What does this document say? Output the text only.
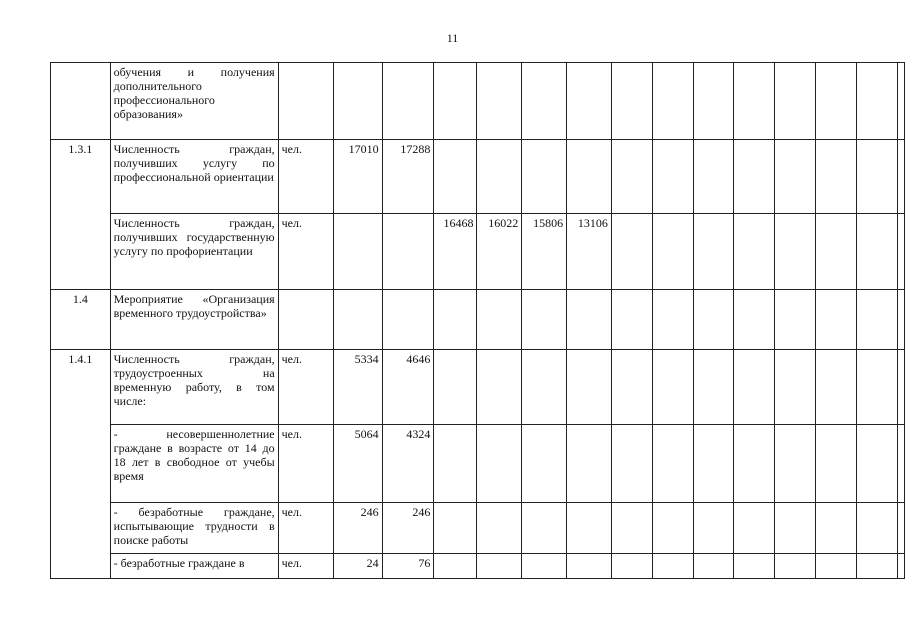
11
	обучения и получения дополнительного профессионального образования»															
1.3.1	Численность граждан, получивших услугу по профессиональной ориентации	чел.	17010	17288												
	Численность граждан, получивших государственную услугу по профориентации	чел.			16468	16022	15806	13106								
1.4	Мероприятие «Организация временного трудоустройства»															
1.4.1	Численность граждан, трудоустроенных на временную работу, в том числе:	чел.	5334	4646												
	- несовершеннолетние граждане в возрасте от 14 до 18 лет в свободное от учебы время	чел.	5064	4324												
	- безработные граждане, испытывающие трудности в поиске работы	чел.	246	246												
	- безработные граждане в	чел.	24	76												
